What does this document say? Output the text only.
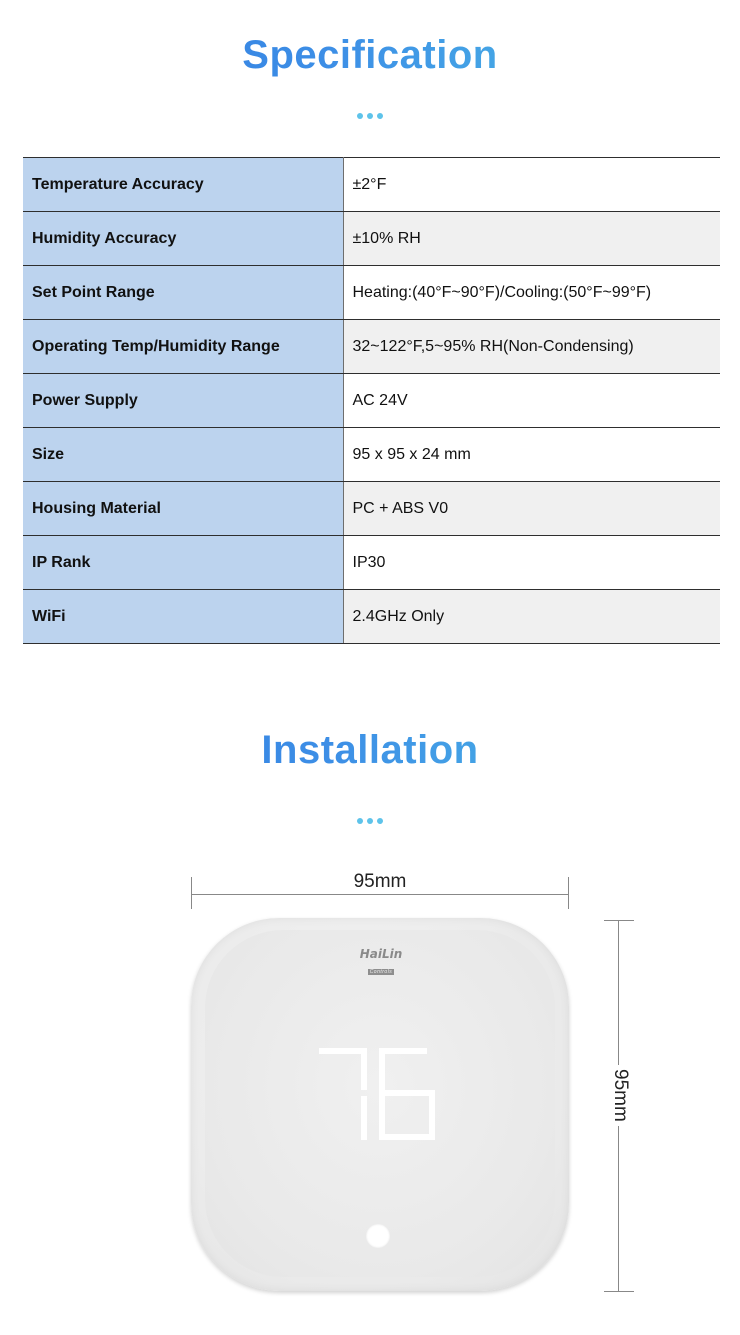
Specification
Temperature Accuracy	±2°F
Humidity Accuracy	±10% RH
Set Point Range	Heating:(40°F~90°F)/Cooling:(50°F~99°F)
Operating Temp/Humidity Range	32~122°F,5~95% RH(Non-Condensing)
Power Supply	AC 24V
Size	95 x 95 x 24 mm
Housing Material	PC + ABS V0
IP Rank	IP30
WiFi	2.4GHz Only
Installation
95mm
95mm
HaiLin
Controls
